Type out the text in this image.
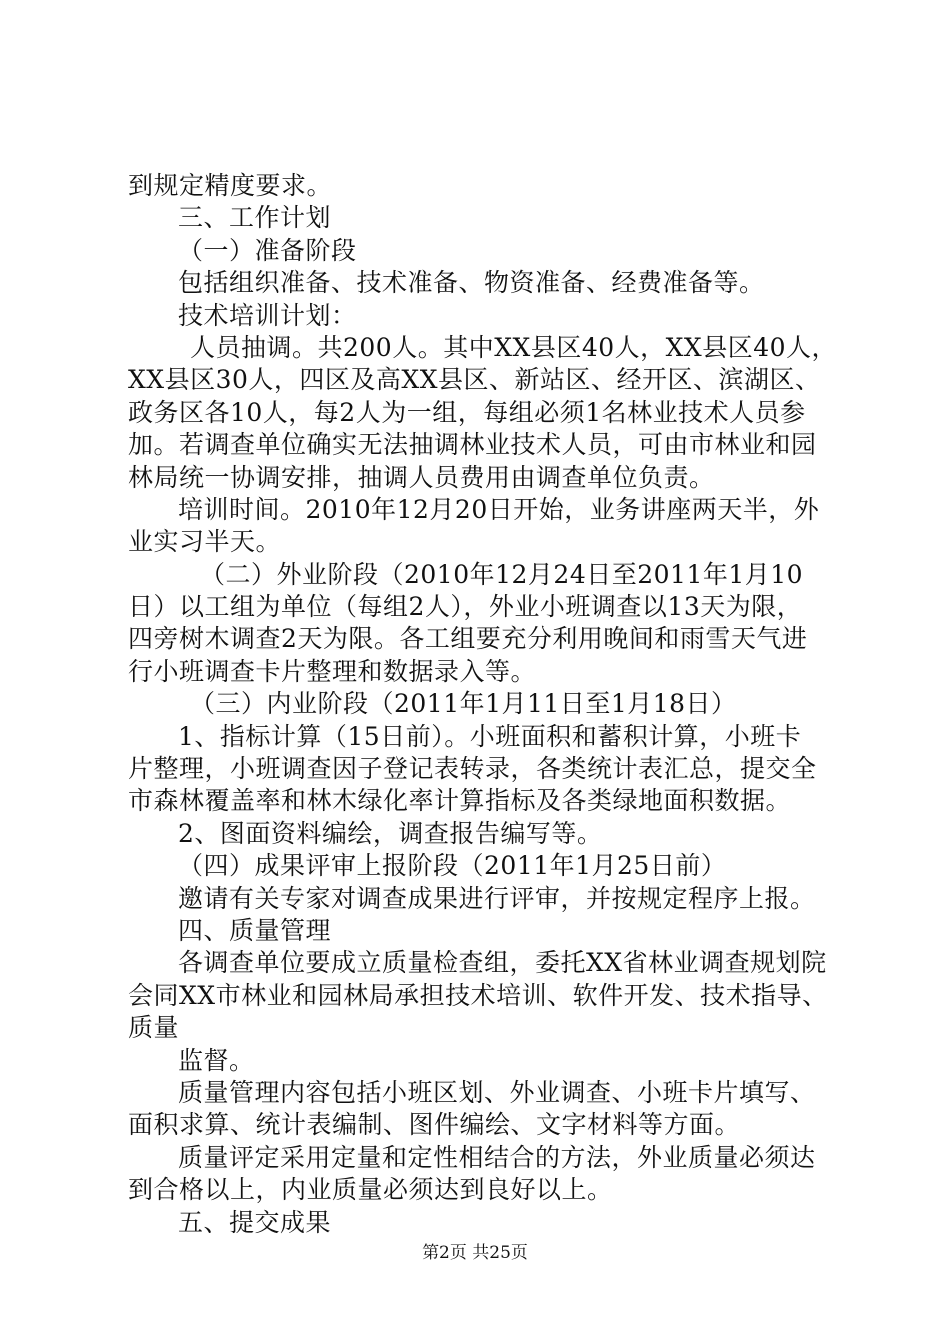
到规定精度要求。
三、工作计划
（一）准备阶段
包括组织准备、技术准备、物资准备、经费准备等。
技术培训计划：
人员抽调。共200人。其中XX县区40人，XX县区40人，
XX县区30人，四区及高XX县区、新站区、经开区、滨湖区、
政务区各10人，每2人为一组，每组必须1名林业技术人员参
加。若调查单位确实无法抽调林业技术人员，可由市林业和园
林局统一协调安排，抽调人员费用由调查单位负责。
培训时间。2010年12月20日开始，业务讲座两天半，外
业实习半天。
（二）外业阶段（2010年12月24日至2011年1月10
日）以工组为单位（每组2人），外业小班调查以13天为限，
四旁树木调查2天为限。各工组要充分利用晚间和雨雪天气进
行小班调查卡片整理和数据录入等。
（三）内业阶段（2011年1月11日至1月18日）
1、指标计算（15日前）。小班面积和蓄积计算，小班卡
片整理，小班调查因子登记表转录，各类统计表汇总，提交全
市森林覆盖率和林木绿化率计算指标及各类绿地面积数据。
2、图面资料编绘，调查报告编写等。
（四）成果评审上报阶段（2011年1月25日前）
邀请有关专家对调查成果进行评审，并按规定程序上报。
四、质量管理
各调查单位要成立质量检查组，委托XX省林业调查规划院
会同XX市林业和园林局承担技术培训、软件开发、技术指导、
质量
监督。
质量管理内容包括小班区划、外业调查、小班卡片填写、
面积求算、统计表编制、图件编绘、文字材料等方面。
质量评定采用定量和定性相结合的方法，外业质量必须达
到合格以上，内业质量必须达到良好以上。
五、提交成果
第2页 共25页
